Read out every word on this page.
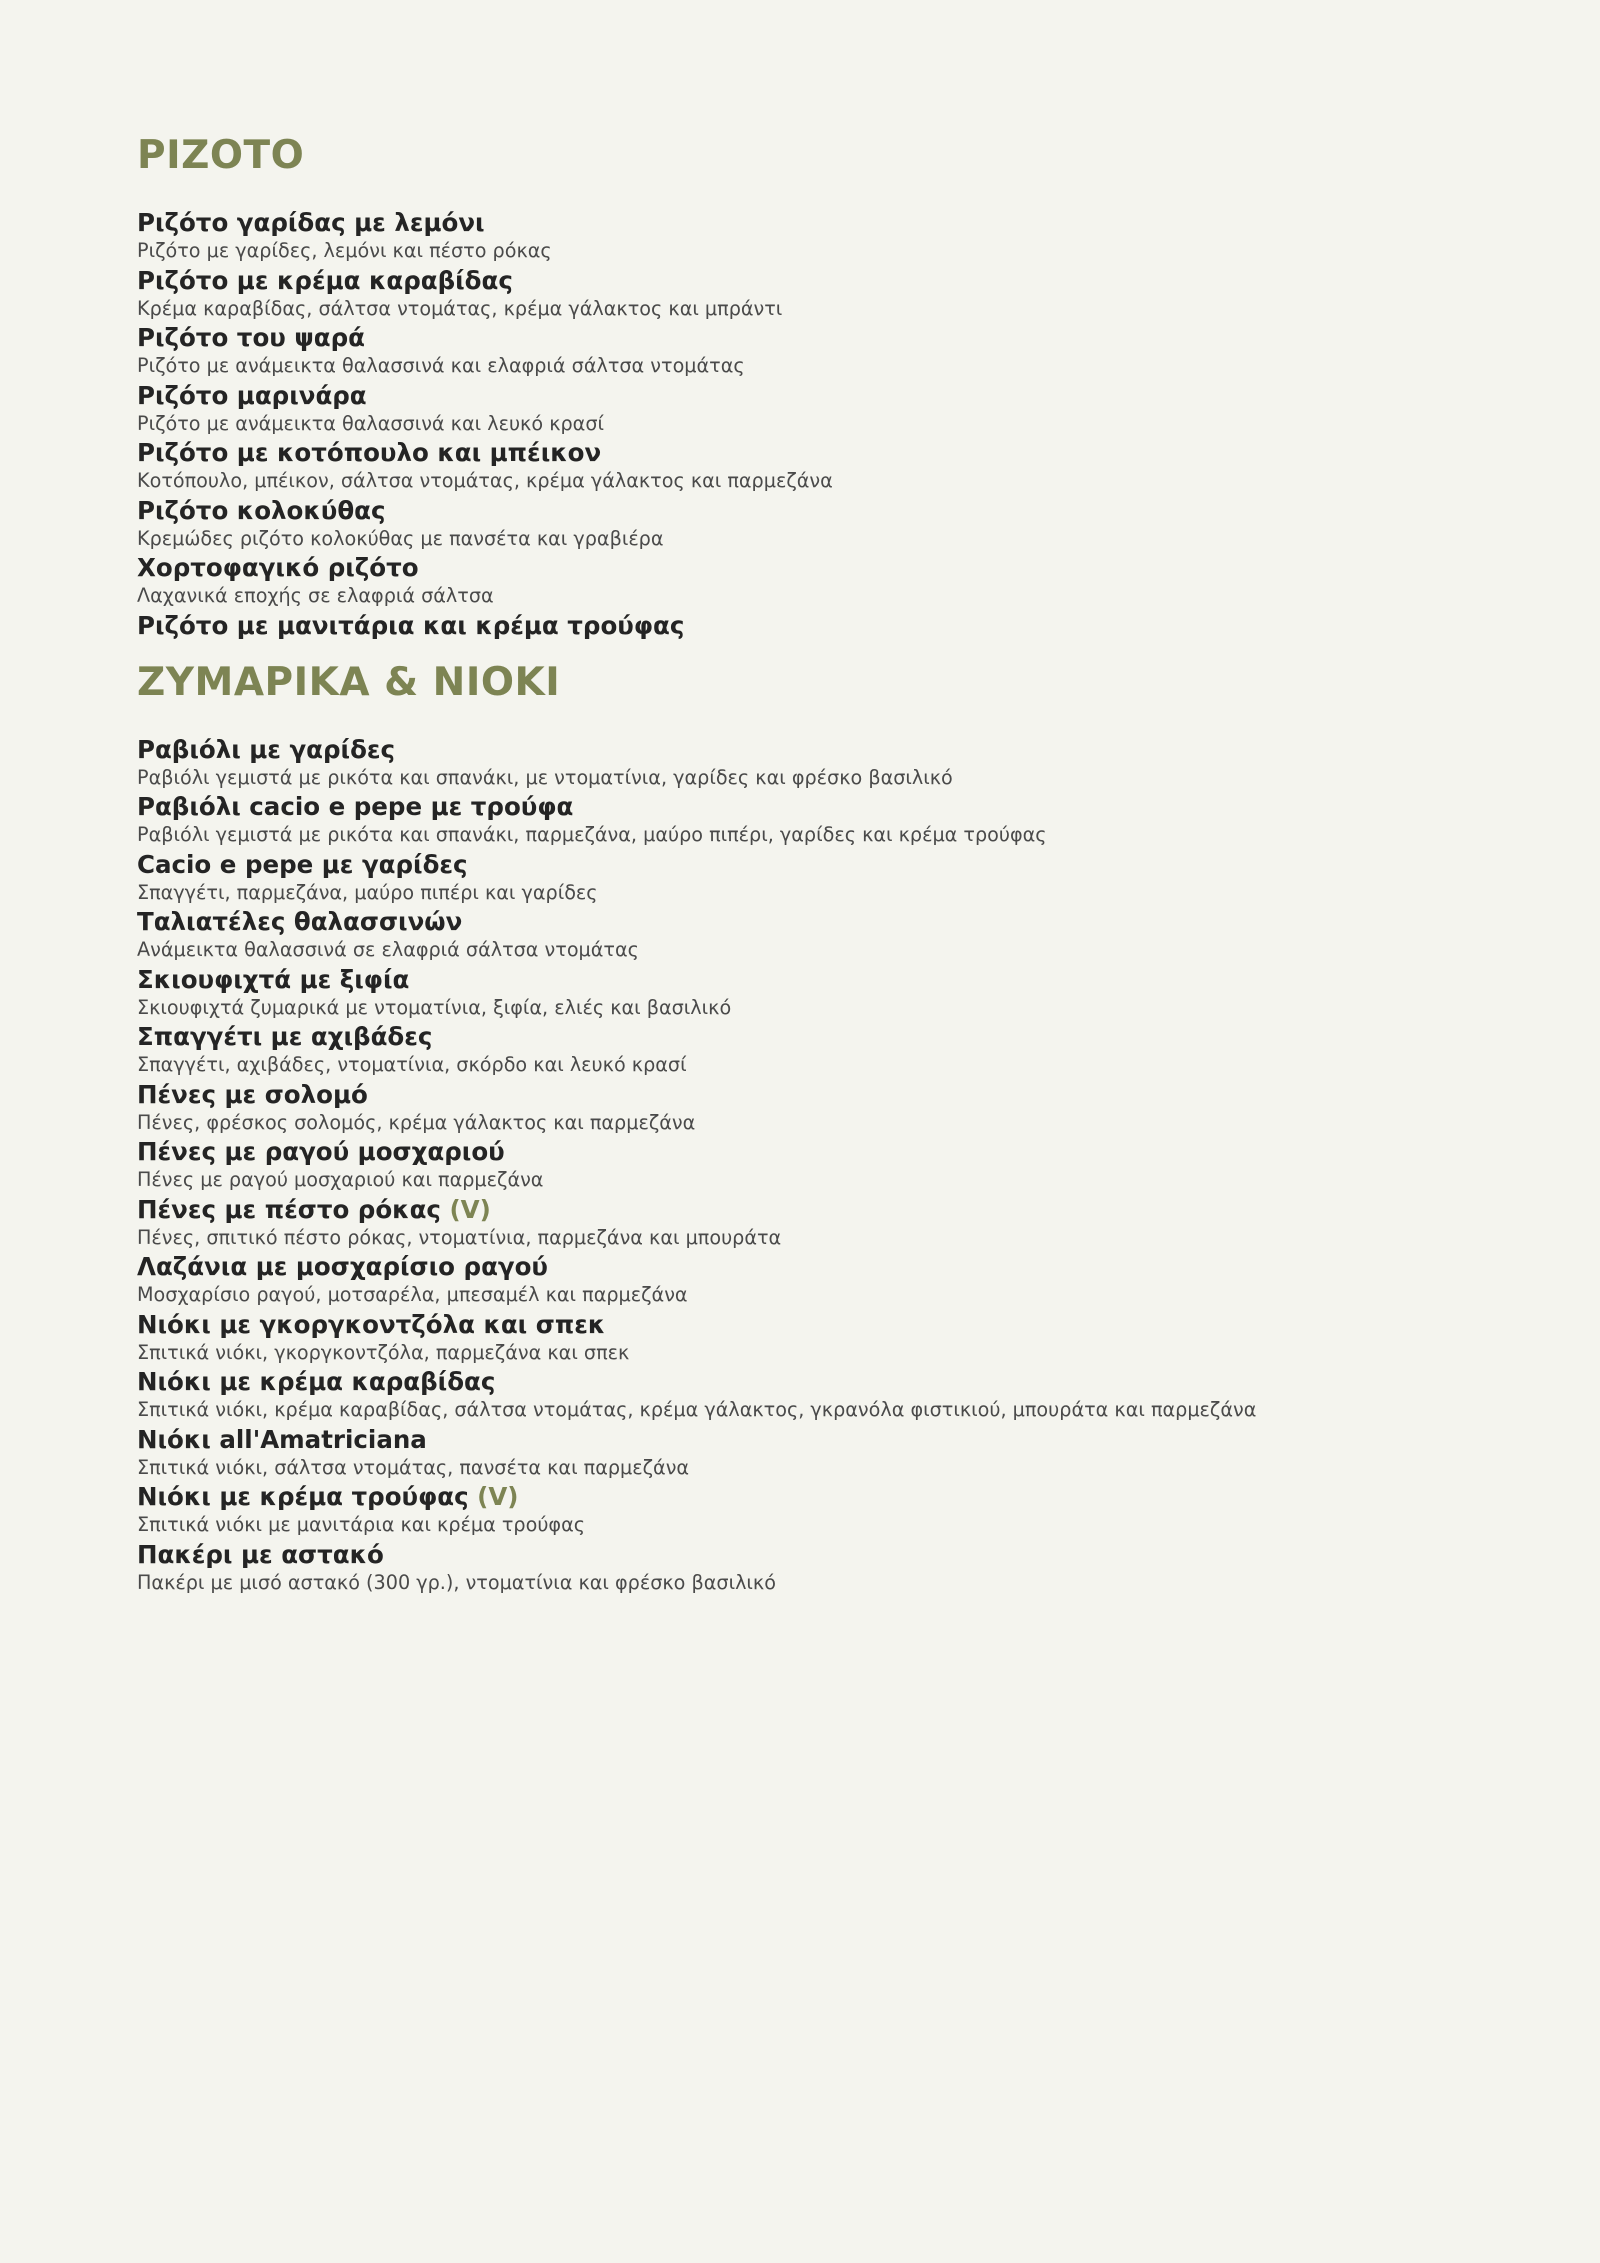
ΡΙΖΟΤΟ
Ριζότο γαρίδας με λεμόνι
Ριζότο με γαρίδες, λεμόνι και πέστο ρόκας
Ριζότο με κρέμα καραβίδας
Κρέμα καραβίδας, σάλτσα ντομάτας, κρέμα γάλακτος και μπράντι
Ριζότο του ψαρά
Ριζότο με ανάμεικτα θαλασσινά και ελαφριά σάλτσα ντομάτας
Ριζότο μαρινάρα
Ριζότο με ανάμεικτα θαλασσινά και λευκό κρασί
Ριζότο με κοτόπουλο και μπέικον
Κοτόπουλο, μπέικον, σάλτσα ντομάτας, κρέμα γάλακτος και παρμεζάνα
Ριζότο κολοκύθας
Κρεμώδες ριζότο κολοκύθας με πανσέτα και γραβιέρα
Χορτοφαγικό ριζότο
Λαχανικά εποχής σε ελαφριά σάλτσα
Ριζότο με μανιτάρια και κρέμα τρούφας
ΖΥΜΑΡΙΚΑ & ΝΙΟΚΙ
Ραβιόλι με γαρίδες
Ραβιόλι γεμιστά με ρικότα και σπανάκι, με ντοματίνια, γαρίδες και φρέσκο βασιλικό
Ραβιόλι cacio e pepe με τρούφα
Ραβιόλι γεμιστά με ρικότα και σπανάκι, παρμεζάνα, μαύρο πιπέρι, γαρίδες και κρέμα τρούφας
Cacio e pepe με γαρίδες
Σπαγγέτι, παρμεζάνα, μαύρο πιπέρι και γαρίδες
Ταλιατέλες θαλασσινών
Ανάμεικτα θαλασσινά σε ελαφριά σάλτσα ντομάτας
Σκιουφιχτά με ξιφία
Σκιουφιχτά ζυμαρικά με ντοματίνια, ξιφία, ελιές και βασιλικό
Σπαγγέτι με αχιβάδες
Σπαγγέτι, αχιβάδες, ντοματίνια, σκόρδο και λευκό κρασί
Πένες με σολομό
Πένες, φρέσκος σολομός, κρέμα γάλακτος και παρμεζάνα
Πένες με ραγού μοσχαριού
Πένες με ραγού μοσχαριού και παρμεζάνα
Πένες με πέστο ρόκας (V)
Πένες, σπιτικό πέστο ρόκας, ντοματίνια, παρμεζάνα και μπουράτα
Λαζάνια με μοσχαρίσιο ραγού
Μοσχαρίσιο ραγού, μοτσαρέλα, μπεσαμέλ και παρμεζάνα
Νιόκι με γκοργκοντζόλα και σπεκ
Σπιτικά νιόκι, γκοργκοντζόλα, παρμεζάνα και σπεκ
Νιόκι με κρέμα καραβίδας
Σπιτικά νιόκι, κρέμα καραβίδας, σάλτσα ντομάτας, κρέμα γάλακτος, γκρανόλα φιστικιού, μπουράτα και παρμεζάνα
Νιόκι all'Amatriciana
Σπιτικά νιόκι, σάλτσα ντομάτας, πανσέτα και παρμεζάνα
Νιόκι με κρέμα τρούφας (V)
Σπιτικά νιόκι με μανιτάρια και κρέμα τρούφας
Πακέρι με αστακό
Πακέρι με μισό αστακό (300 γρ.), ντοματίνια και φρέσκο βασιλικό
